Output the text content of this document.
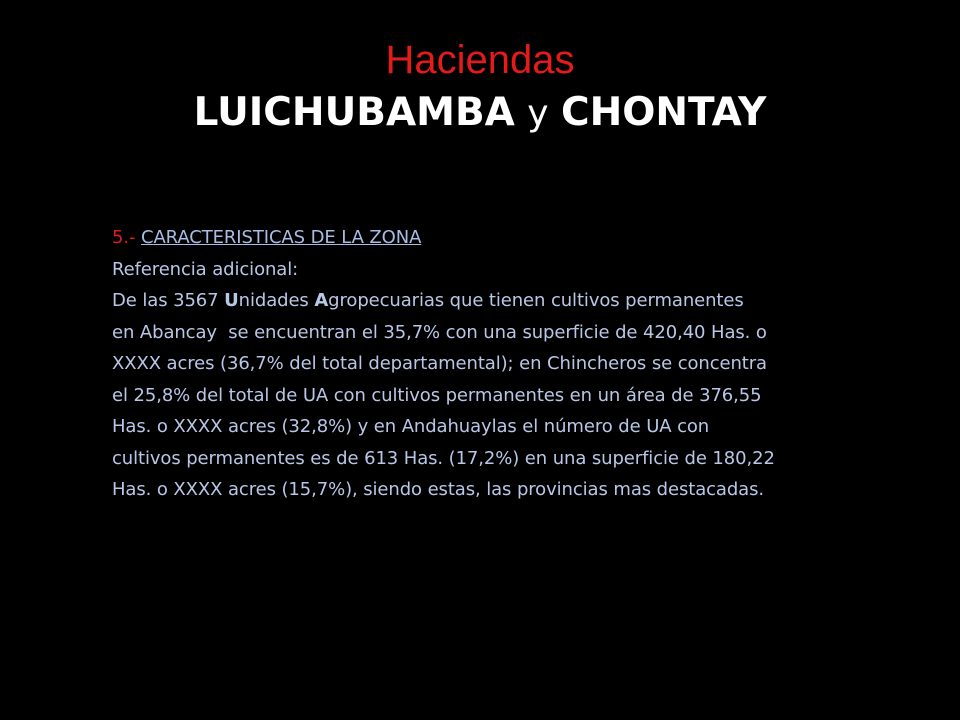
Haciendas
LUICHUBAMBA y CHONTAY
5.- CARACTERISTICAS DE LA ZONA
Referencia adicional:
De las 3567 Unidades Agropecuarias que tienen cultivos permanentes
en Abancay  se encuentran el 35,7% con una superficie de 420,40 Has. o
XXXX acres (36,7% del total departamental); en Chincheros se concentra
el 25,8% del total de UA con cultivos permanentes en un área de 376,55
Has. o XXXX acres (32,8%) y en Andahuaylas el número de UA con
cultivos permanentes es de 613 Has. (17,2%) en una superficie de 180,22
Has. o XXXX acres (15,7%), siendo estas, las provincias mas destacadas.
